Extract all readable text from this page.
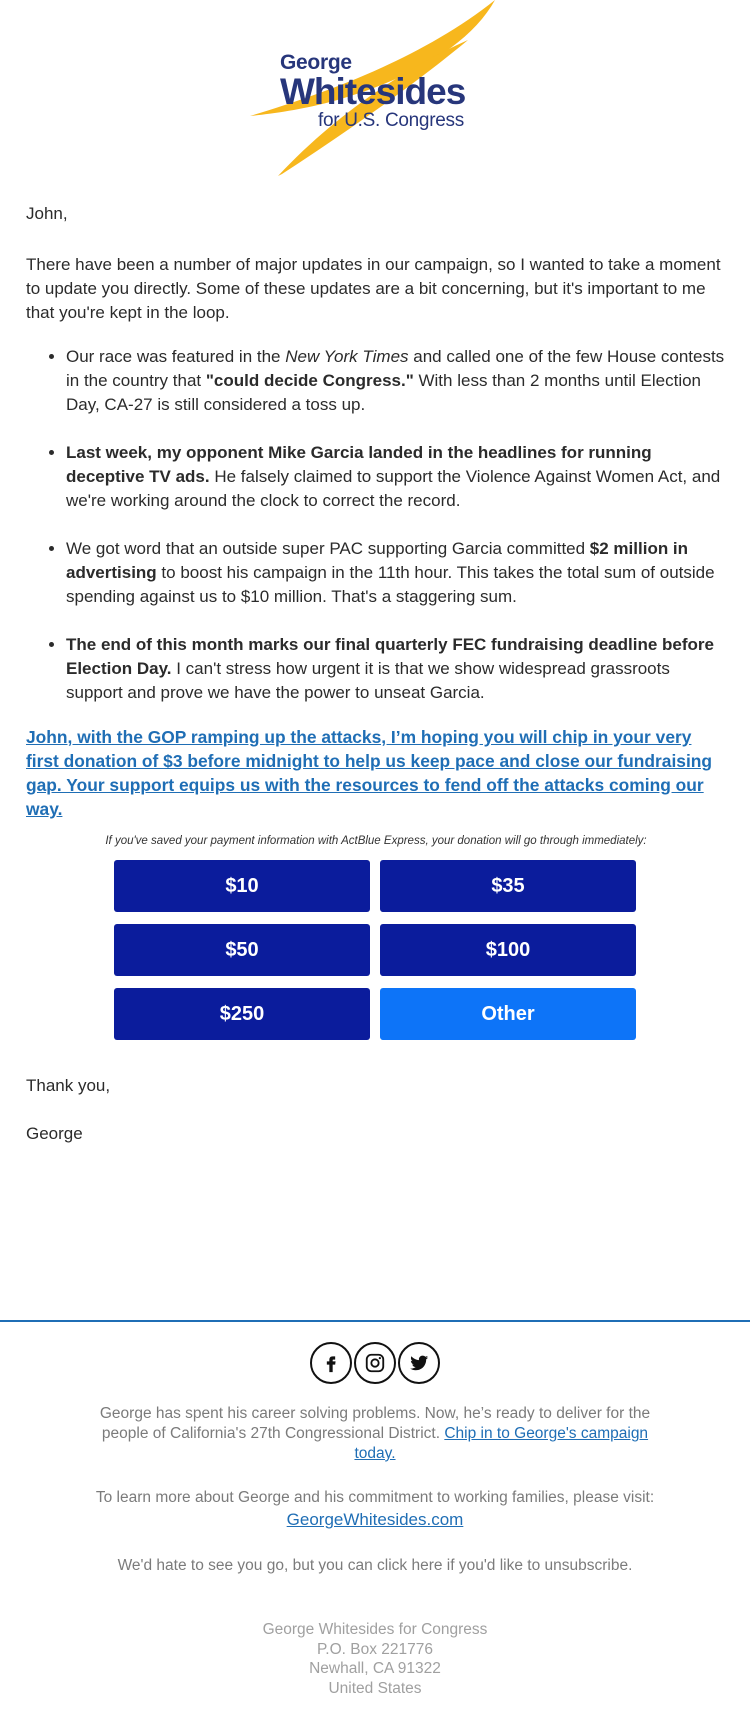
George
Whitesides
for U.S. Congress

John,

There have been a number of major updates in our campaign, so I wanted to take a moment to update you directly. Some of these updates are a bit concerning, but it's important to me that you're kept in the loop.

• Our race was featured in the New York Times and called one of the few House contests in the country that "could decide Congress." With less than 2 months until Election Day, CA-27 is still considered a toss up.
• Last week, my opponent Mike Garcia landed in the headlines for running deceptive TV ads. He falsely claimed to support the Violence Against Women Act, and we're working around the clock to correct the record.
• We got word that an outside super PAC supporting Garcia committed $2 million in advertising to boost his campaign in the 11th hour. This takes the total sum of outside spending against us to $10 million. That's a staggering sum.
• The end of this month marks our final quarterly FEC fundraising deadline before Election Day. I can't stress how urgent it is that we show widespread grassroots support and prove we have the power to unseat Garcia.
John, with the GOP ramping up the attacks, I’m hoping you will chip in your very first donation of $3 before midnight to help us keep pace and close our fundraising gap. Your support equips us with the resources to fend off the attacks coming our way.
If you've saved your payment information with ActBlue Express, your donation will go through immediately:
$10	$35
$50	$100
$250	Other

Thank you,

George

George has spent his career solving problems. Now, he’s ready to deliver for the people of California's 27th Congressional District. Chip in to George's campaign today.
To learn more about George and his commitment to working families, please visit:
GeorgeWhitesides.com
We'd hate to see you go, but you can click here if you'd like to unsubscribe.
George Whitesides for Congress
P.O. Box 221776
Newhall, CA 91322
United States
